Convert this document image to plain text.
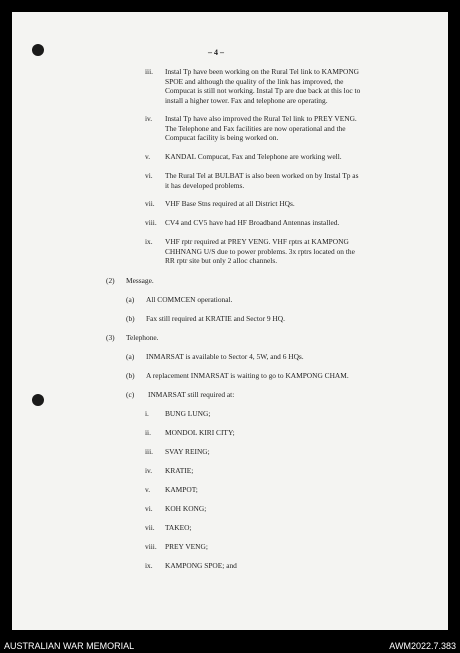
– 4 –
iii. Instal Tp have been working on the Rural Tel link to KAMPONG
SPOE and although the quality of the link has improved, the
Compucat is still not working. Instal Tp are due back at this loc to
install a higher tower. Fax and telephone are operating.
iv. Instal Tp have also improved the Rural Tel link to PREY VENG.
The Telephone and Fax facilities are now operational and the
Compucat facility is being worked on.
v. KANDAL Compucat, Fax and Telephone are working well.
vi. The Rural Tel at BULBAT is also been worked on by Instal Tp as
it has developed problems.
vii. VHF Base Stns required at all District HQs.
viii. CV4 and CV5 have had HF Broadband Antennas installed.
ix. VHF rptr required at PREY VENG. VHF rptrs at KAMPONG
CHHNANG U/S due to power problems. 3x rptrs located on the
RR rptr site but only 2 alloc channels.
(2) Message.
(a) All COMMCEN operational.
(b) Fax still required at KRATIE and Sector 9 HQ.
(3) Telephone.
(a) INMARSAT is available to Sector 4, 5W, and 6 HQs.
(b) A replacement INMARSAT is waiting to go to KAMPONG CHAM.
(c) INMARSAT still required at:
i. BUNG LUNG;
ii. MONDOL KIRI CITY;
iii. SVAY REING;
iv. KRATIE;
v. KAMPOT;
vi. KOH KONG;
vii. TAKEO;
viii. PREY VENG;
ix. KAMPONG SPOE; and
AUSTRALIAN WAR MEMORIAL	AWM2022.7.383
